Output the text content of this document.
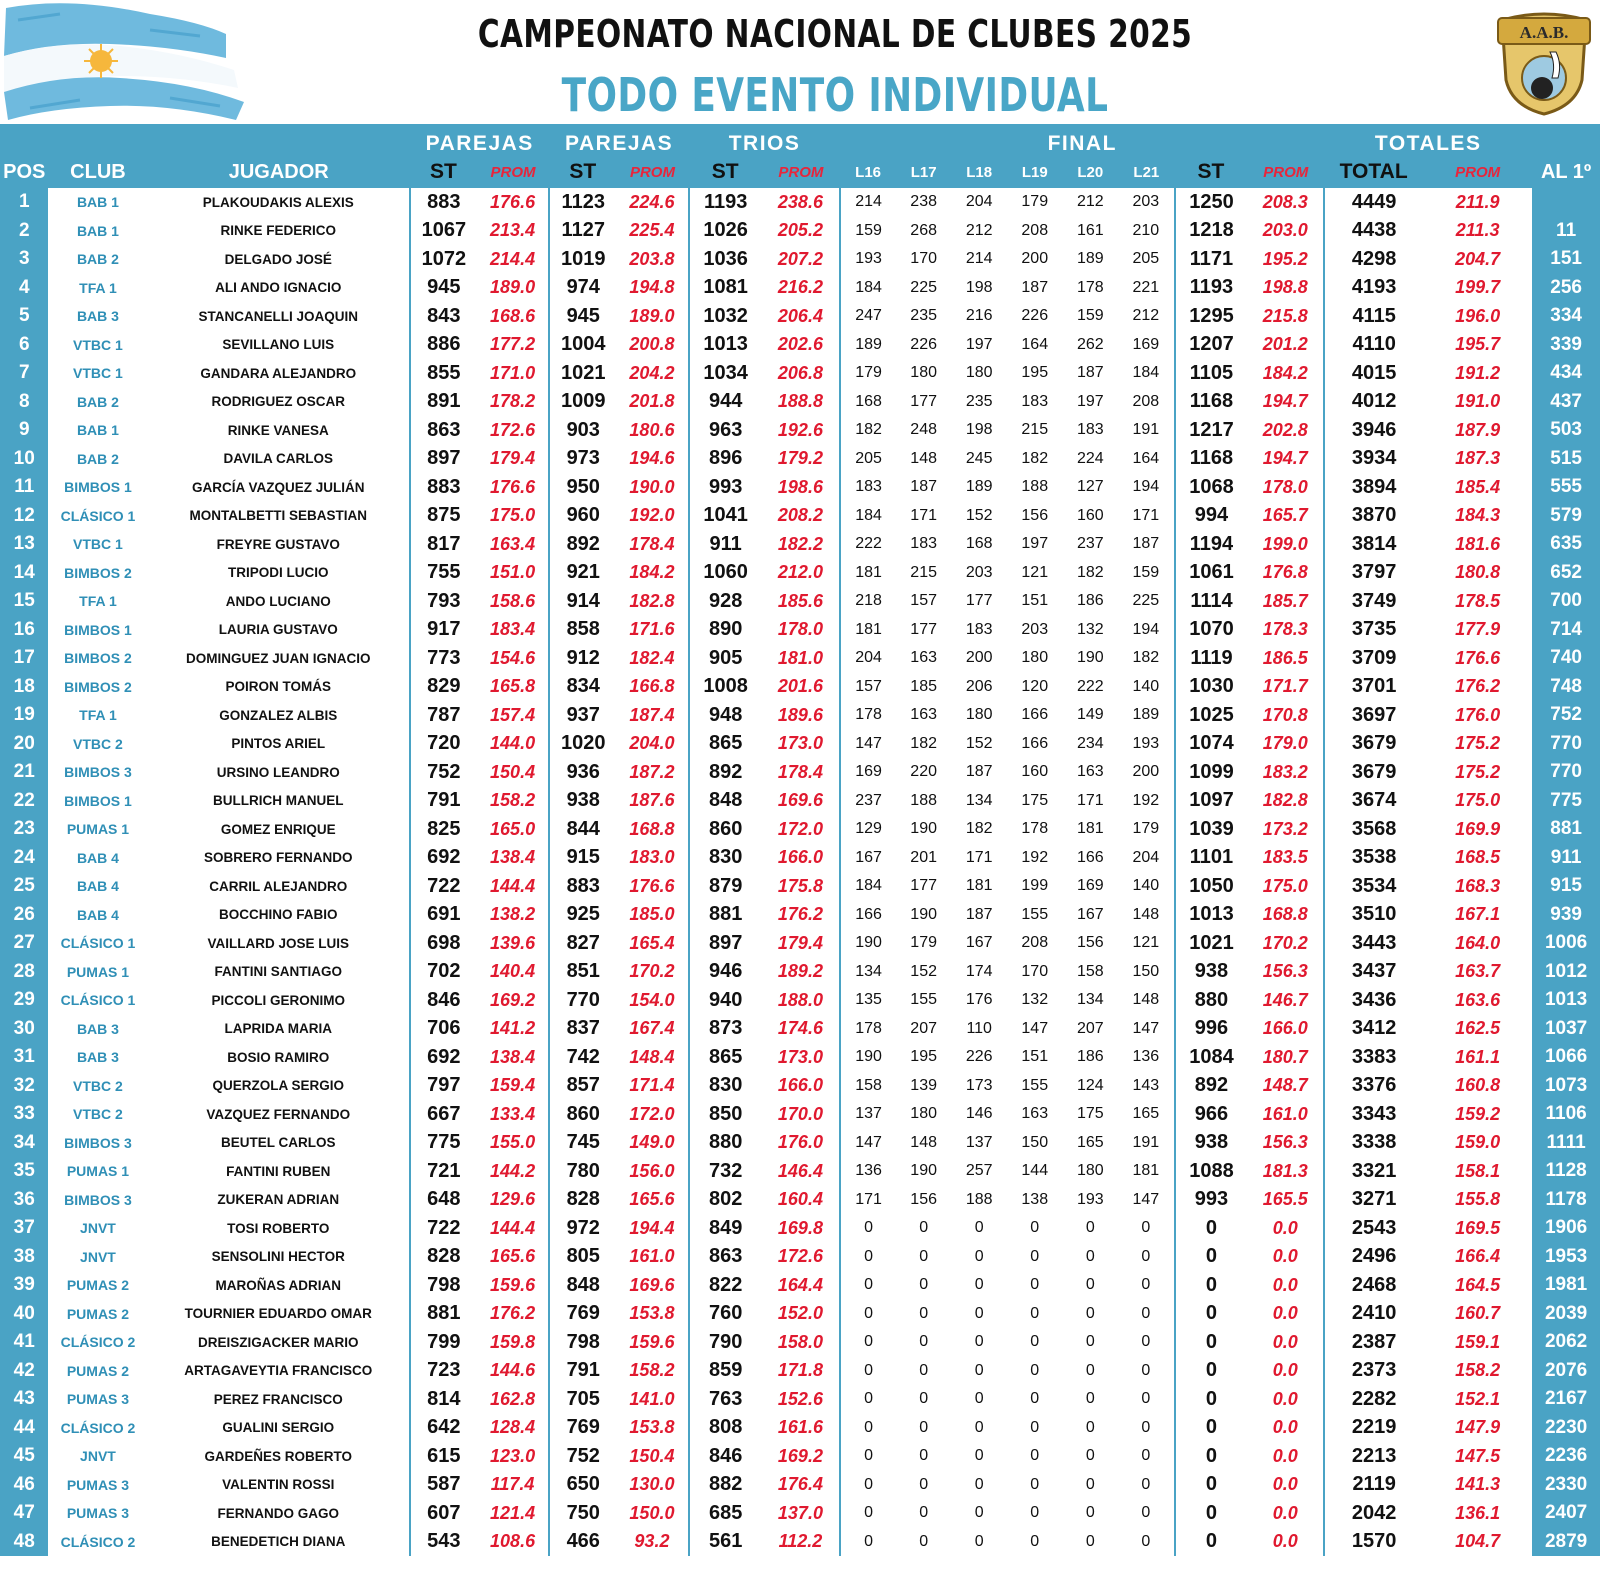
CAMPEONATO NACIONAL DE CLUBES 2025
TODO EVENTO INDIVIDUAL
A.A.B.
			PAREJAS		PAREJAS		TRIOS		FINAL								TOTALES		
POS	CLUB	JUGADOR	ST	PROM	ST	PROM	ST	PROM	L16	L17	L18	L19	L20	L21	ST	PROM	TOTAL	PROM	AL 1º
1	BAB 1	PLAKOUDAKIS ALEXIS	883	176.6	1123	224.6	1193	238.6	214	238	204	179	212	203	1250	208.3	4449	211.9	
2	BAB 1	RINKE FEDERICO	1067	213.4	1127	225.4	1026	205.2	159	268	212	208	161	210	1218	203.0	4438	211.3	11
3	BAB 2	DELGADO JOSÉ	1072	214.4	1019	203.8	1036	207.2	193	170	214	200	189	205	1171	195.2	4298	204.7	151
4	TFA 1	ALI ANDO IGNACIO	945	189.0	974	194.8	1081	216.2	184	225	198	187	178	221	1193	198.8	4193	199.7	256
5	BAB 3	STANCANELLI JOAQUIN	843	168.6	945	189.0	1032	206.4	247	235	216	226	159	212	1295	215.8	4115	196.0	334
6	VTBC 1	SEVILLANO LUIS	886	177.2	1004	200.8	1013	202.6	189	226	197	164	262	169	1207	201.2	4110	195.7	339
7	VTBC 1	GANDARA ALEJANDRO	855	171.0	1021	204.2	1034	206.8	179	180	180	195	187	184	1105	184.2	4015	191.2	434
8	BAB 2	RODRIGUEZ OSCAR	891	178.2	1009	201.8	944	188.8	168	177	235	183	197	208	1168	194.7	4012	191.0	437
9	BAB 1	RINKE VANESA	863	172.6	903	180.6	963	192.6	182	248	198	215	183	191	1217	202.8	3946	187.9	503
10	BAB 2	DAVILA CARLOS	897	179.4	973	194.6	896	179.2	205	148	245	182	224	164	1168	194.7	3934	187.3	515
11	BIMBOS 1	GARCÍA VAZQUEZ JULIÁN	883	176.6	950	190.0	993	198.6	183	187	189	188	127	194	1068	178.0	3894	185.4	555
12	CLÁSICO 1	MONTALBETTI SEBASTIAN	875	175.0	960	192.0	1041	208.2	184	171	152	156	160	171	994	165.7	3870	184.3	579
13	VTBC 1	FREYRE GUSTAVO	817	163.4	892	178.4	911	182.2	222	183	168	197	237	187	1194	199.0	3814	181.6	635
14	BIMBOS 2	TRIPODI LUCIO	755	151.0	921	184.2	1060	212.0	181	215	203	121	182	159	1061	176.8	3797	180.8	652
15	TFA 1	ANDO LUCIANO	793	158.6	914	182.8	928	185.6	218	157	177	151	186	225	1114	185.7	3749	178.5	700
16	BIMBOS 1	LAURIA GUSTAVO	917	183.4	858	171.6	890	178.0	181	177	183	203	132	194	1070	178.3	3735	177.9	714
17	BIMBOS 2	DOMINGUEZ JUAN IGNACIO	773	154.6	912	182.4	905	181.0	204	163	200	180	190	182	1119	186.5	3709	176.6	740
18	BIMBOS 2	POIRON TOMÁS	829	165.8	834	166.8	1008	201.6	157	185	206	120	222	140	1030	171.7	3701	176.2	748
19	TFA 1	GONZALEZ ALBIS	787	157.4	937	187.4	948	189.6	178	163	180	166	149	189	1025	170.8	3697	176.0	752
20	VTBC 2	PINTOS ARIEL	720	144.0	1020	204.0	865	173.0	147	182	152	166	234	193	1074	179.0	3679	175.2	770
21	BIMBOS 3	URSINO LEANDRO	752	150.4	936	187.2	892	178.4	169	220	187	160	163	200	1099	183.2	3679	175.2	770
22	BIMBOS 1	BULLRICH MANUEL	791	158.2	938	187.6	848	169.6	237	188	134	175	171	192	1097	182.8	3674	175.0	775
23	PUMAS 1	GOMEZ ENRIQUE	825	165.0	844	168.8	860	172.0	129	190	182	178	181	179	1039	173.2	3568	169.9	881
24	BAB 4	SOBRERO FERNANDO	692	138.4	915	183.0	830	166.0	167	201	171	192	166	204	1101	183.5	3538	168.5	911
25	BAB 4	CARRIL ALEJANDRO	722	144.4	883	176.6	879	175.8	184	177	181	199	169	140	1050	175.0	3534	168.3	915
26	BAB 4	BOCCHINO FABIO	691	138.2	925	185.0	881	176.2	166	190	187	155	167	148	1013	168.8	3510	167.1	939
27	CLÁSICO 1	VAILLARD JOSE LUIS	698	139.6	827	165.4	897	179.4	190	179	167	208	156	121	1021	170.2	3443	164.0	1006
28	PUMAS 1	FANTINI SANTIAGO	702	140.4	851	170.2	946	189.2	134	152	174	170	158	150	938	156.3	3437	163.7	1012
29	CLÁSICO 1	PICCOLI GERONIMO	846	169.2	770	154.0	940	188.0	135	155	176	132	134	148	880	146.7	3436	163.6	1013
30	BAB 3	LAPRIDA MARIA	706	141.2	837	167.4	873	174.6	178	207	110	147	207	147	996	166.0	3412	162.5	1037
31	BAB 3	BOSIO RAMIRO	692	138.4	742	148.4	865	173.0	190	195	226	151	186	136	1084	180.7	3383	161.1	1066
32	VTBC 2	QUERZOLA SERGIO	797	159.4	857	171.4	830	166.0	158	139	173	155	124	143	892	148.7	3376	160.8	1073
33	VTBC 2	VAZQUEZ FERNANDO	667	133.4	860	172.0	850	170.0	137	180	146	163	175	165	966	161.0	3343	159.2	1106
34	BIMBOS 3	BEUTEL CARLOS	775	155.0	745	149.0	880	176.0	147	148	137	150	165	191	938	156.3	3338	159.0	1111
35	PUMAS 1	FANTINI RUBEN	721	144.2	780	156.0	732	146.4	136	190	257	144	180	181	1088	181.3	3321	158.1	1128
36	BIMBOS 3	ZUKERAN ADRIAN	648	129.6	828	165.6	802	160.4	171	156	188	138	193	147	993	165.5	3271	155.8	1178
37	JNVT	TOSI ROBERTO	722	144.4	972	194.4	849	169.8	0	0	0	0	0	0	0	0.0	2543	169.5	1906
38	JNVT	SENSOLINI HECTOR	828	165.6	805	161.0	863	172.6	0	0	0	0	0	0	0	0.0	2496	166.4	1953
39	PUMAS 2	MAROÑAS ADRIAN	798	159.6	848	169.6	822	164.4	0	0	0	0	0	0	0	0.0	2468	164.5	1981
40	PUMAS 2	TOURNIER EDUARDO OMAR	881	176.2	769	153.8	760	152.0	0	0	0	0	0	0	0	0.0	2410	160.7	2039
41	CLÁSICO 2	DREISZIGACKER MARIO	799	159.8	798	159.6	790	158.0	0	0	0	0	0	0	0	0.0	2387	159.1	2062
42	PUMAS 2	ARTAGAVEYTIA FRANCISCO	723	144.6	791	158.2	859	171.8	0	0	0	0	0	0	0	0.0	2373	158.2	2076
43	PUMAS 3	PEREZ FRANCISCO	814	162.8	705	141.0	763	152.6	0	0	0	0	0	0	0	0.0	2282	152.1	2167
44	CLÁSICO 2	GUALINI SERGIO	642	128.4	769	153.8	808	161.6	0	0	0	0	0	0	0	0.0	2219	147.9	2230
45	JNVT	GARDEÑES ROBERTO	615	123.0	752	150.4	846	169.2	0	0	0	0	0	0	0	0.0	2213	147.5	2236
46	PUMAS 3	VALENTIN ROSSI	587	117.4	650	130.0	882	176.4	0	0	0	0	0	0	0	0.0	2119	141.3	2330
47	PUMAS 3	FERNANDO GAGO	607	121.4	750	150.0	685	137.0	0	0	0	0	0	0	0	0.0	2042	136.1	2407
48	CLÁSICO 2	BENEDETICH DIANA	543	108.6	466	93.2	561	112.2	0	0	0	0	0	0	0	0.0	1570	104.7	2879
